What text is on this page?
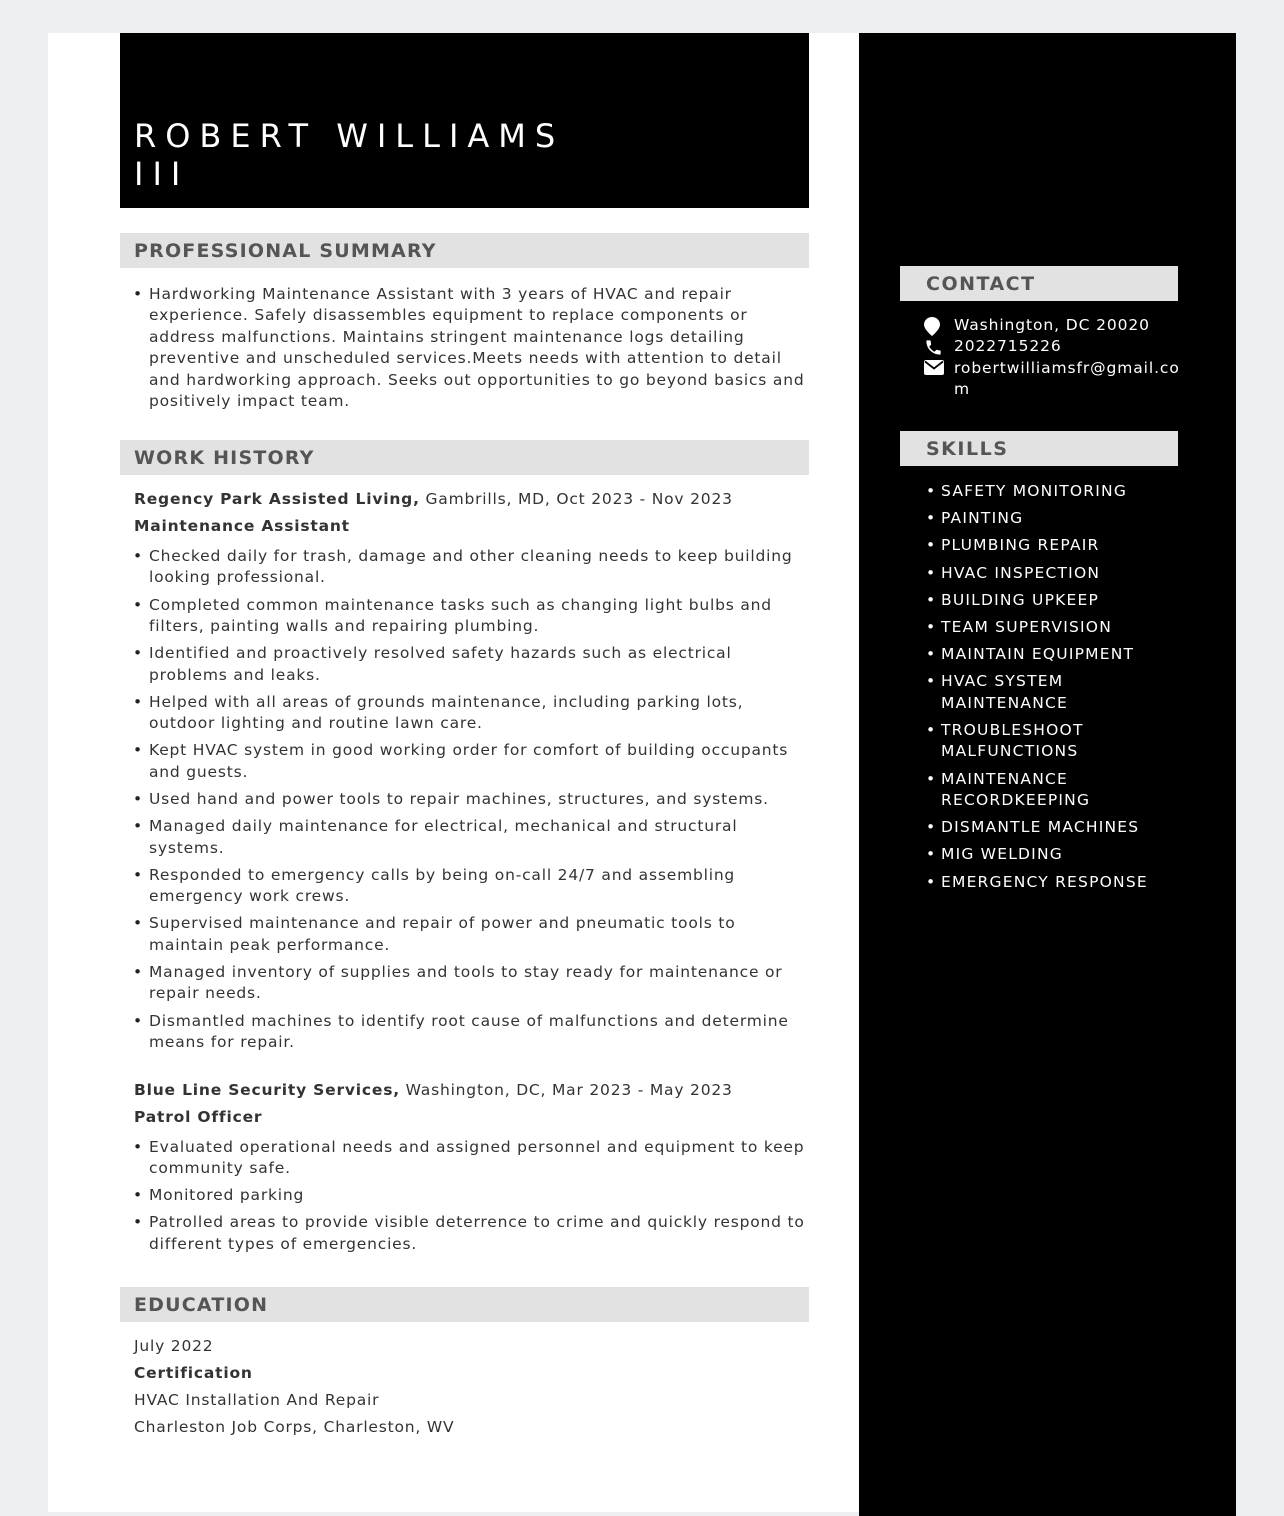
ROBERT WILLIAMS
III
PROFESSIONAL SUMMARY
• Hardworking Maintenance Assistant with 3 years of HVAC and repair experience. Safely disassembles equipment to replace components or address malfunctions. Maintains stringent maintenance logs detailing preventive and unscheduled services.Meets needs with attention to detail and hardworking approach. Seeks out opportunities to go beyond basics and positively impact team.
WORK HISTORY
Regency Park Assisted Living, Gambrills, MD, Oct 2023 - Nov 2023
Maintenance Assistant
• Checked daily for trash, damage and other cleaning needs to keep building looking professional.
• Completed common maintenance tasks such as changing light bulbs and filters, painting walls and repairing plumbing.
• Identified and proactively resolved safety hazards such as electrical problems and leaks.
• Helped with all areas of grounds maintenance, including parking lots, outdoor lighting and routine lawn care.
• Kept HVAC system in good working order for comfort of building occupants and guests.
• Used hand and power tools to repair machines, structures, and systems.
• Managed daily maintenance for electrical, mechanical and structural systems.
• Responded to emergency calls by being on-call 24/7 and assembling emergency work crews.
• Supervised maintenance and repair of power and pneumatic tools to maintain peak performance.
• Managed inventory of supplies and tools to stay ready for maintenance or repair needs.
• Dismantled machines to identify root cause of malfunctions and determine means for repair.
Blue Line Security Services, Washington, DC, Mar 2023 - May 2023
Patrol Officer
• Evaluated operational needs and assigned personnel and equipment to keep community safe.
• Monitored parking
• Patrolled areas to provide visible deterrence to crime and quickly respond to different types of emergencies.
EDUCATION
July 2022
Certification
HVAC Installation And Repair
Charleston Job Corps, Charleston, WV
CONTACT
Washington, DC 20020
2022715226
robertwilliamsfr@gmail.com
SKILLS
• SAFETY MONITORING
• PAINTING
• PLUMBING REPAIR
• HVAC INSPECTION
• BUILDING UPKEEP
• TEAM SUPERVISION
• MAINTAIN EQUIPMENT
• HVAC SYSTEM MAINTENANCE
• TROUBLESHOOT MALFUNCTIONS
• MAINTENANCE RECORDKEEPING
• DISMANTLE MACHINES
• MIG WELDING
• EMERGENCY RESPONSE
